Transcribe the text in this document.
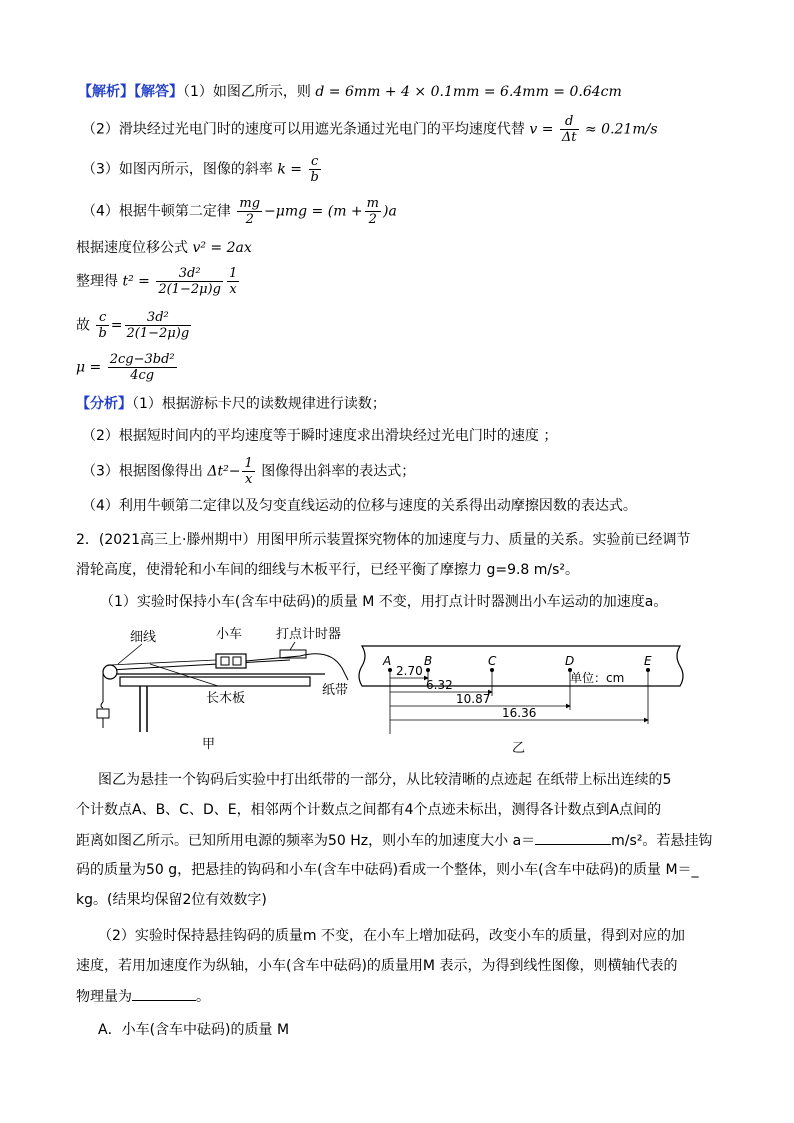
【解析】【解答】（1）如图乙所示，则 d = 6mm + 4 × 0.1mm = 6.4mm = 0.64cm
（2）滑块经过光电门时的速度可以用遮光条通过光电门的平均速度代替 $v = \frac{d}{\Delta t} \approx 0.21m/s$
（3）如图丙所示，图像的斜率 $k = \frac{c}{b}$
（4）根据牛顿第二定律 $\frac{mg}{2} -\mu mg = (m + \frac{m}{2} )a$
根据速度位移公式 v² = 2ax
整理得 $t^2 = \frac{\text{3d²}}{2(1-2\mu)g} \frac{1}{x}$
故 $\frac{c}{b} = \frac{\text{3d²}}{2(1-2\mu)g}$
$\mu = \frac{\text{2cg−3bd²}}{4cg}$
【分析】（1）根据游标卡尺的读数规律进行读数；
（2）根据短时间内的平均速度等于瞬时速度求出滑块经过光电门时的速度 ；
（3）根据图像得出 $\Delta t^2- \frac{1}{x}$ 图像得出斜率的表达式；
（4）利用牛顿第二定律以及匀变直线运动的位移与速度的关系得出动摩擦因数的表达式。
2．(2021高三上·滕州期中）用图甲所示装置探究物体的加速度与力、质量的关系。实验前已经调节
滑轮高度，使滑轮和小车间的细线与木板平行，已经平衡了摩擦力 g=9.8 m/s²。
（1）实验时保持小车(含车中砝码)的质量 M 不变，用打点计时器测出小车运动的加速度a。
细线	小车	打点计时器
长木板
纸带
甲
A	B	C	D	E
单位：cm
2.70
6.32
10.87
16.36
乙
图乙为悬挂一个钩码后实验中打出纸带的一部分，从比较清晰的点迹起 在纸带上标出连续的5
个计数点A、B、C、D、E，相邻两个计数点之间都有4个点迹未标出，测得各计数点到A点间的
距离如图乙所示。已知所用电源的频率为50 Hz，则小车的加速度大小 a＝	m/s²。若悬挂钩
码的质量为50 g，把悬挂的钩码和小车(含车中砝码)看成一个整体，则小车(含车中砝码)的质量 M＝_
kg。(结果均保留2位有效数字)
（2）实验时保持悬挂钩码的质量m 不变，在小车上增加砝码，改变小车的质量，得到对应的加
速度，若用加速度作为纵轴，小车(含车中砝码)的质量用M 表示，为得到线性图像，则横轴代表的
物理量为	。
A．小车(含车中砝码)的质量 M
